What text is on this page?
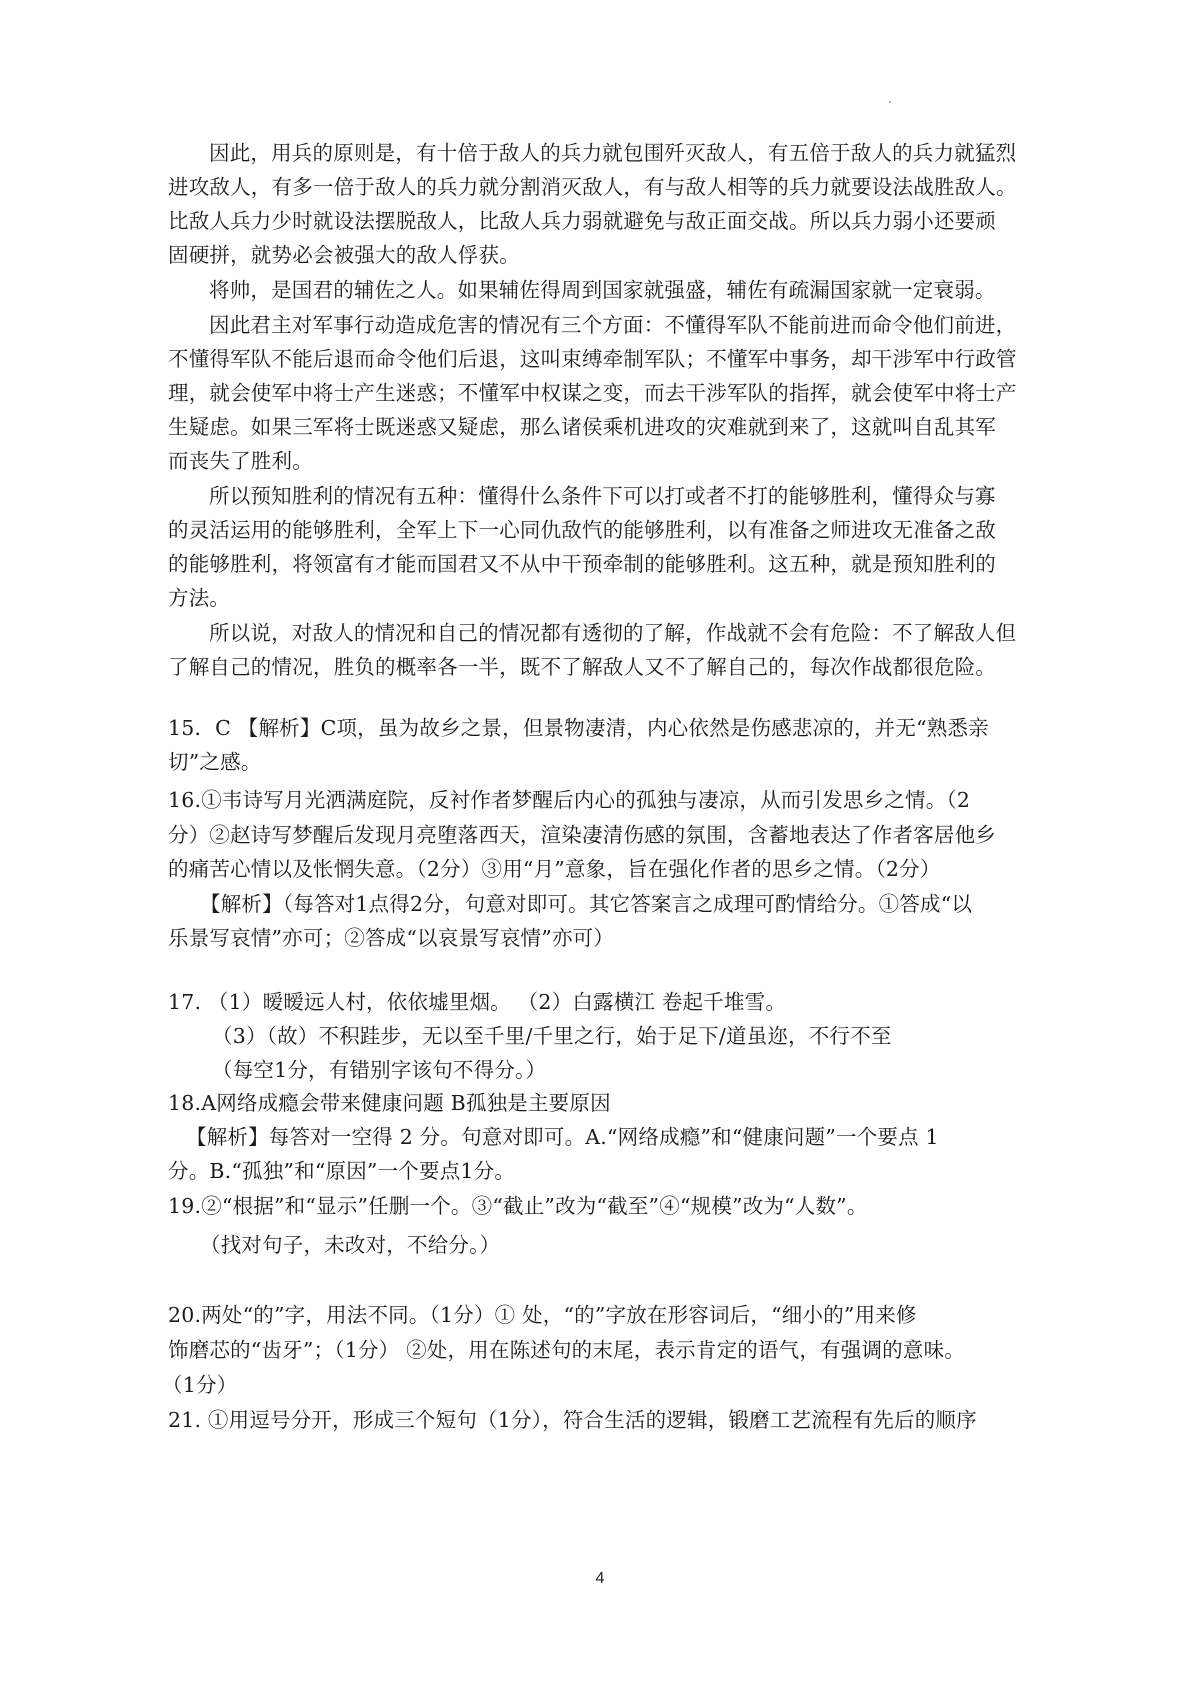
因此，用兵的原则是，有十倍于敌人的兵力就包围歼灭敌人，有五倍于敌人的兵力就猛烈
进攻敌人，有多一倍于敌人的兵力就分割消灭敌人，有与敌人相等的兵力就要设法战胜敌人。
比敌人兵力少时就设法摆脱敌人，比敌人兵力弱就避免与敌正面交战。所以兵力弱小还要顽
固硬拼，就势必会被强大的敌人俘获。
将帅，是国君的辅佐之人。如果辅佐得周到国家就强盛，辅佐有疏漏国家就一定衰弱。
因此君主对军事行动造成危害的情况有三个方面：不懂得军队不能前进而命令他们前进，
不懂得军队不能后退而命令他们后退，这叫束缚牵制军队；不懂军中事务，却干涉军中行政管
理，就会使军中将士产生迷惑；不懂军中权谋之变，而去干涉军队的指挥，就会使军中将士产
生疑虑。如果三军将士既迷惑又疑虑，那么诸侯乘机进攻的灾难就到来了，这就叫自乱其军
而丧失了胜利。
所以预知胜利的情况有五种：懂得什么条件下可以打或者不打的能够胜利，懂得众与寡
的灵活运用的能够胜利，全军上下一心同仇敌忾的能够胜利，以有准备之师进攻无准备之敌
的能够胜利，将领富有才能而国君又不从中干预牵制的能够胜利。这五种，就是预知胜利的
方法。
所以说，对敌人的情况和自己的情况都有透彻的了解，作战就不会有危险：不了解敌人但
了解自己的情况，胜负的概率各一半，既不了解敌人又不了解自己的，每次作战都很危险。
15．C 【解析】C项，虽为故乡之景，但景物凄清，内心依然是伤感悲凉的，并无“熟悉亲
切”之感。
16.①韦诗写月光洒满庭院，反衬作者梦醒后内心的孤独与凄凉，从而引发思乡之情。（2
分）②赵诗写梦醒后发现月亮堕落西天，渲染凄清伤感的氛围，含蓄地表达了作者客居他乡
的痛苦心情以及怅惘失意。（2分）③用“月”意象，旨在强化作者的思乡之情。（2分）
【解析】（每答对1点得2分，句意对即可。其它答案言之成理可酌情给分。①答成“以
乐景写哀情”亦可；②答成“以哀景写哀情”亦可）
17. （1）暧暧远人村，依依墟里烟。 （2）白露横江 卷起千堆雪。
（3）（故）不积跬步，无以至千里/千里之行，始于足下/道虽迩，不行不至
（每空1分，有错别字该句不得分。）
18.A网络成瘾会带来健康问题 B孤独是主要原因
【解析】每答对一空得 2 分。句意对即可。A.“网络成瘾”和“健康问题”一个要点 1
分。B.“孤独”和“原因”一个要点1分。
19.②“根据”和“显示”任删一个。③“截止”改为“截至”④“规模”改为“人数”。
（找对句子，未改对，不给分。）
20.两处“的”字，用法不同。（1分）① 处，“的”字放在形容词后，“细小的”用来修
饰磨芯的“齿牙”；（1分） ②处，用在陈述句的末尾，表示肯定的语气，有强调的意味。
（1分）
21. ①用逗号分开，形成三个短句（1分），符合生活的逻辑，锻磨工艺流程有先后的顺序
4
